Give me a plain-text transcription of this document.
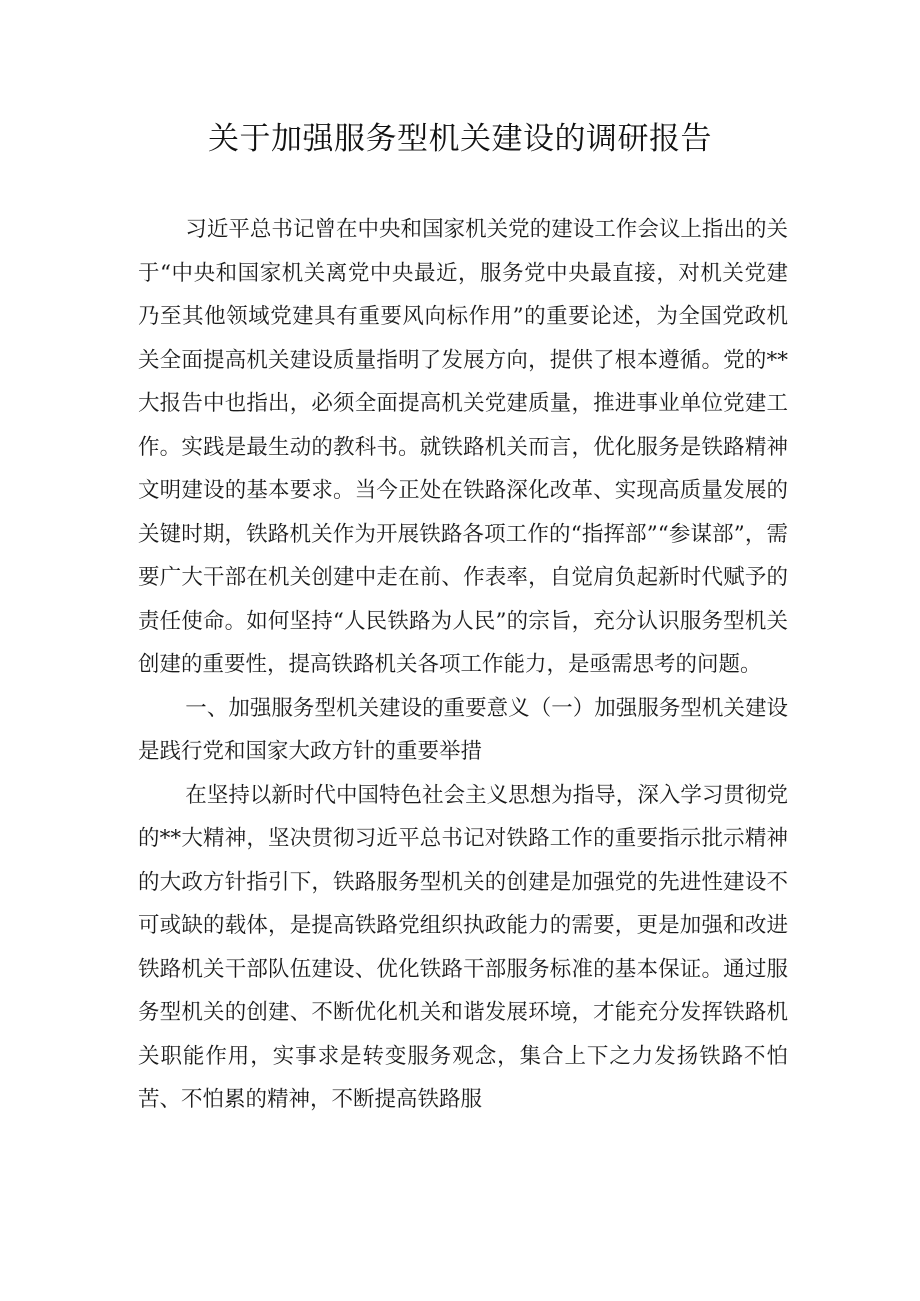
关于加强服务型机关建设的调研报告

习近平总书记曾在中央和国家机关党的建设工作会议上指出的关于“中央和国家机关离党中央最近，服务党中央最直接，对机关党建乃至其他领域党建具有重要风向标作用”的重要论述，为全国党政机关全面提高机关建设质量指明了发展方向，提供了根本遵循。党的**大报告中也指出，必须全面提高机关党建质量，推进事业单位党建工作。实践是最生动的教科书。就铁路机关而言，优化服务是铁路精神文明建设的基本要求。当今正处在铁路深化改革、实现高质量发展的关键时期，铁路机关作为开展铁路各项工作的“指挥部”“参谋部”，需要广大干部在机关创建中走在前、作表率，自觉肩负起新时代赋予的责任使命。如何坚持“人民铁路为人民”的宗旨，充分认识服务型机关创建的重要性，提高铁路机关各项工作能力，是亟需思考的问题。

一、加强服务型机关建设的重要意义（一）加强服务型机关建设是践行党和国家大政方针的重要举措

在坚持以新时代中国特色社会主义思想为指导，深入学习贯彻党的**大精神，坚决贯彻习近平总书记对铁路工作的重要指示批示精神的大政方针指引下，铁路服务型机关的创建是加强党的先进性建设不可或缺的载体，是提高铁路党组织执政能力的需要，更是加强和改进铁路机关干部队伍建设、优化铁路干部服务标准的基本保证。通过服务型机关的创建、不断优化机关和谐发展环境，才能充分发挥铁路机关职能作用，实事求是转变服务观念，集合上下之力发扬铁路不怕苦、不怕累的精神，不断提高铁路服
